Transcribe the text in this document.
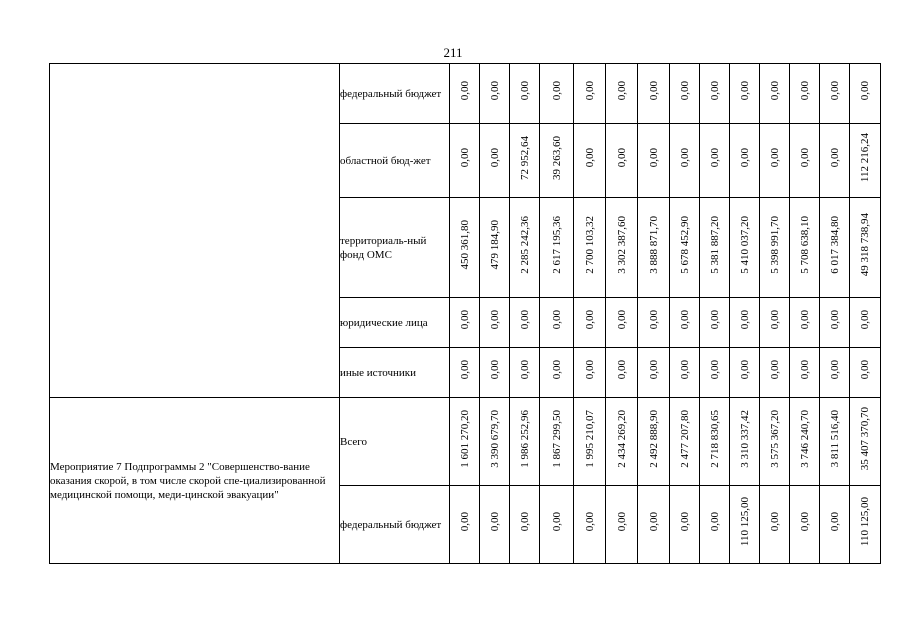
211
	федеральный бюджет	0,00	0,00	0,00	0,00	0,00	0,00	0,00	0,00	0,00	0,00	0,00	0,00	0,00	0,00
	областной бюд-жет	0,00	0,00	72 952,64	39 263,60	0,00	0,00	0,00	0,00	0,00	0,00	0,00	0,00	0,00	112 216,24
	территориаль-ный фонд ОМС	450 361,80	479 184,90	2 285 242,36	2 617 195,36	2 700 103,32	3 302 387,60	3 888 871,70	5 678 452,90	5 381 887,20	5 410 037,20	5 398 991,70	5 708 638,10	6 017 384,80	49 318 738,94
	юридические лица	0,00	0,00	0,00	0,00	0,00	0,00	0,00	0,00	0,00	0,00	0,00	0,00	0,00	0,00
	иные источники	0,00	0,00	0,00	0,00	0,00	0,00	0,00	0,00	0,00	0,00	0,00	0,00	0,00	0,00
Мероприятие 7 Подпрограммы 2 "Совершенство-вание оказания скорой, в том числе скорой спе-циализированной медицинской помощи, меди-цинской эвакуации"	Всего	1 601 270,20	3 390 679,70	1 986 252,96	1 867 299,50	1 995 210,07	2 434 269,20	2 492 888,90	2 477 207,80	2 718 830,65	3 310 337,42	3 575 367,20	3 746 240,70	3 811 516,40	35 407 370,70
	федеральный бюджет	0,00	0,00	0,00	0,00	0,00	0,00	0,00	0,00	0,00	110 125,00	0,00	0,00	0,00	110 125,00
